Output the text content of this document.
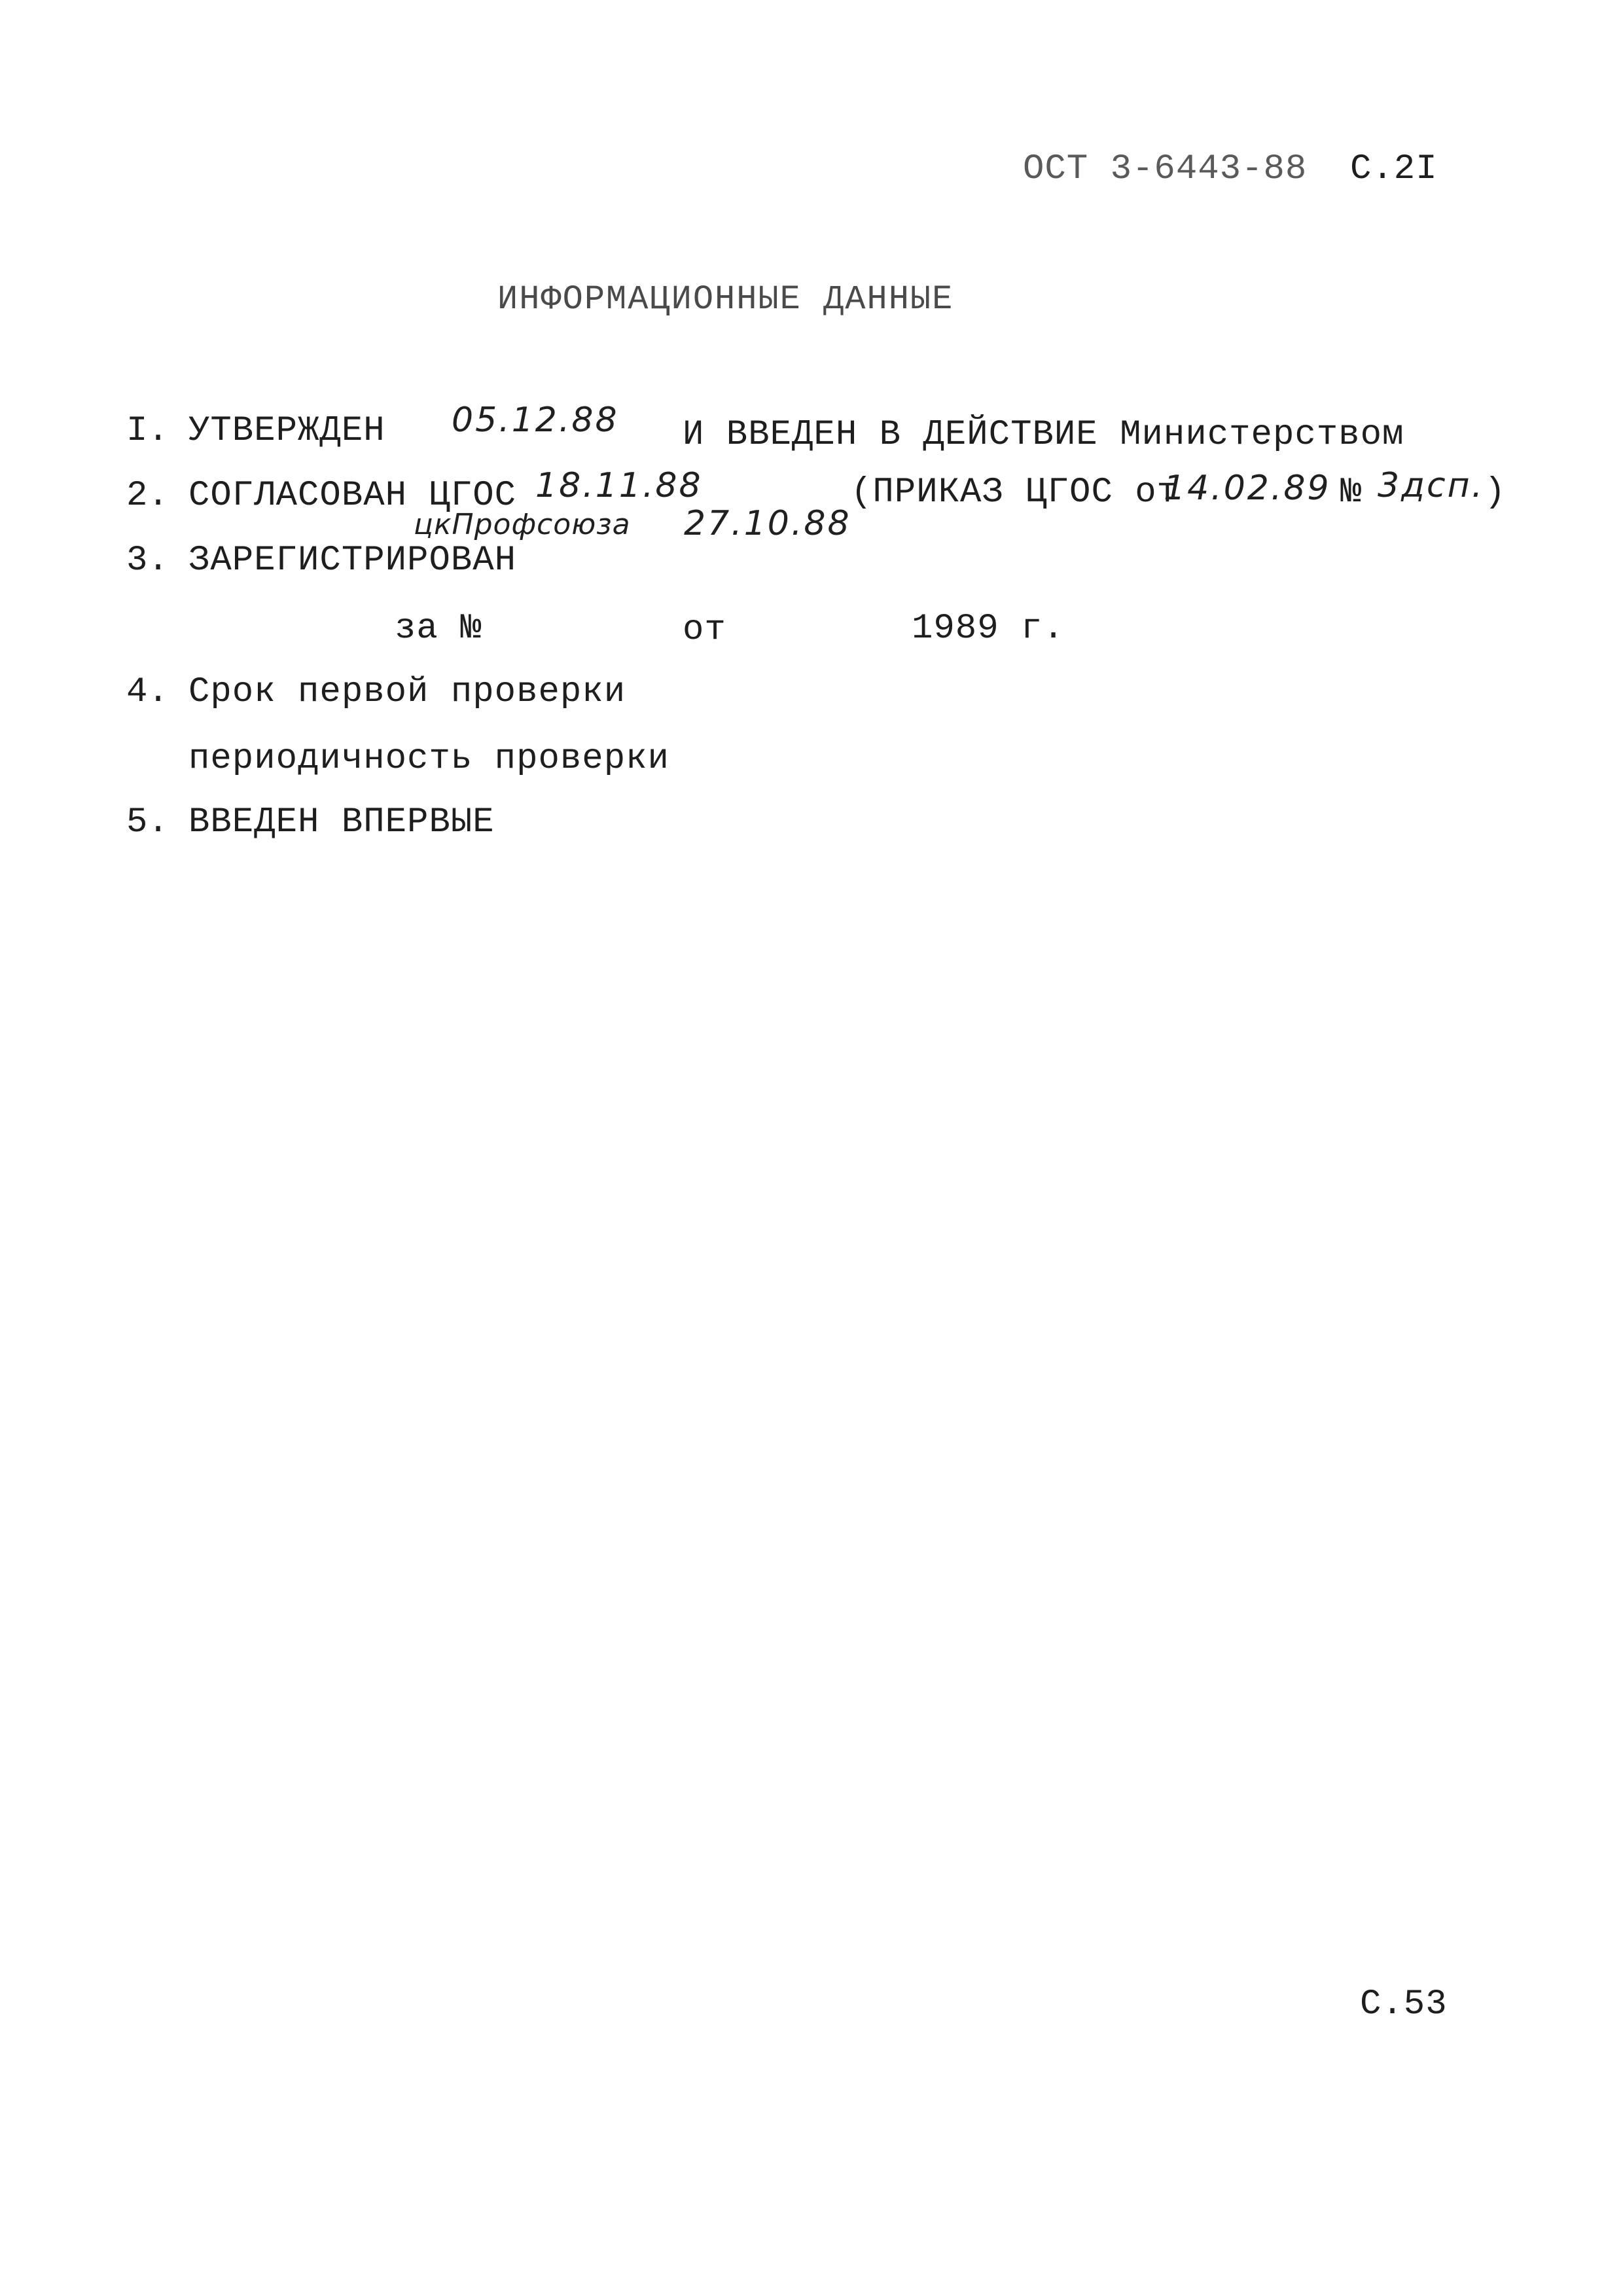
ОСТ 3-6443-88 С.2I
ИНФОРМАЦИОННЫЕ ДАННЫЕ
I. УТВЕРЖДЕН 05.12.88 И ВВЕДЕН В ДЕЙСТВИЕ Министерством
2. СОГЛАСОВАН ЦГОС 18.11.88	(ПРИКАЗ ЦГОС от
14.02.89 № 3дсп. )
цкПрофсоюза 27.10.88
3. ЗАРЕГИСТРИРОВАН
за №	от	1989 г.
4. Срок первой проверки
периодичность проверки
5. ВВЕДЕН ВПЕРВЫЕ
С.53
